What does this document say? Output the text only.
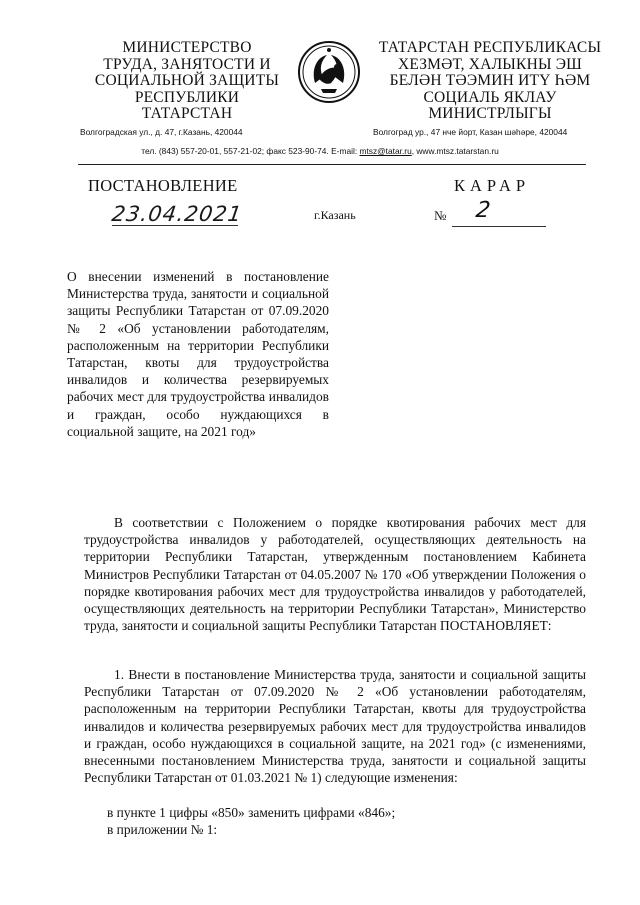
МИНИСТЕРСТВО
ТРУДА, ЗАНЯТОСТИ И
СОЦИАЛЬНОЙ ЗАЩИТЫ
РЕСПУБЛИКИ
ТАТАРСТАН
ТАТАРСТАН РЕСПУБЛИКАСЫ
ХЕЗМӘТ, ХАЛЫКНЫ ЭШ
БЕЛӘН ТӘЭМИН ИТҮ ҺӘМ
СОЦИАЛЬ ЯКЛАУ
МИНИСТРЛЫГЫ
Волгоградская ул., д. 47, г.Казань, 420044	Волгоград ур., 47 нче йорт, Казан шәһәре, 420044
тел. (843) 557-20-01, 557-21-02; факс 523-90-74. E-mail: mtsz@tatar.ru, www.mtsz.tatarstan.ru
ПОСТАНОВЛЕНИЕ	КАРАР
23.04.2021	г.Казань	№ 2

О внесении изменений в постановление Министерства труда, занятости и социальной защиты Республики Татарстан от 07.09.2020 № 2 «Об установлении работодателям, расположенным на территории Республики Татарстан, квоты для трудоустройства инвалидов и количества резервируемых рабочих мест для трудоустройства инвалидов и граждан, особо нуждающихся в социальной защите, на 2021 год»

В соответствии с Положением о порядке квотирования рабочих мест для трудоустройства инвалидов у работодателей, осуществляющих деятельность на территории Республики Татарстан, утвержденным постановлением Кабинета Министров Республики Татарстан от 04.05.2007 № 170 «Об утверждении Положения о порядке квотирования рабочих мест для трудоустройства инвалидов у работодателей, осуществляющих деятельность на территории Республики Татарстан», Министерство труда, занятости и социальной защиты Республики Татарстан ПОСТАНОВЛЯЕТ:

1. Внести в постановление Министерства труда, занятости и социальной защиты Республики Татарстан от 07.09.2020 № 2 «Об установлении работодателям, расположенным на территории Республики Татарстан, квоты для трудоустройства инвалидов и количества резервируемых рабочих мест для трудоустройства инвалидов и граждан, особо нуждающихся в социальной защите, на 2021 год» (с изменениями, внесенными постановлением Министерства труда, занятости и социальной защиты Республики Татарстан от 01.03.2021 № 1) следующие изменения:

в пункте 1 цифры «850» заменить цифрами «846»;
в приложении № 1:
